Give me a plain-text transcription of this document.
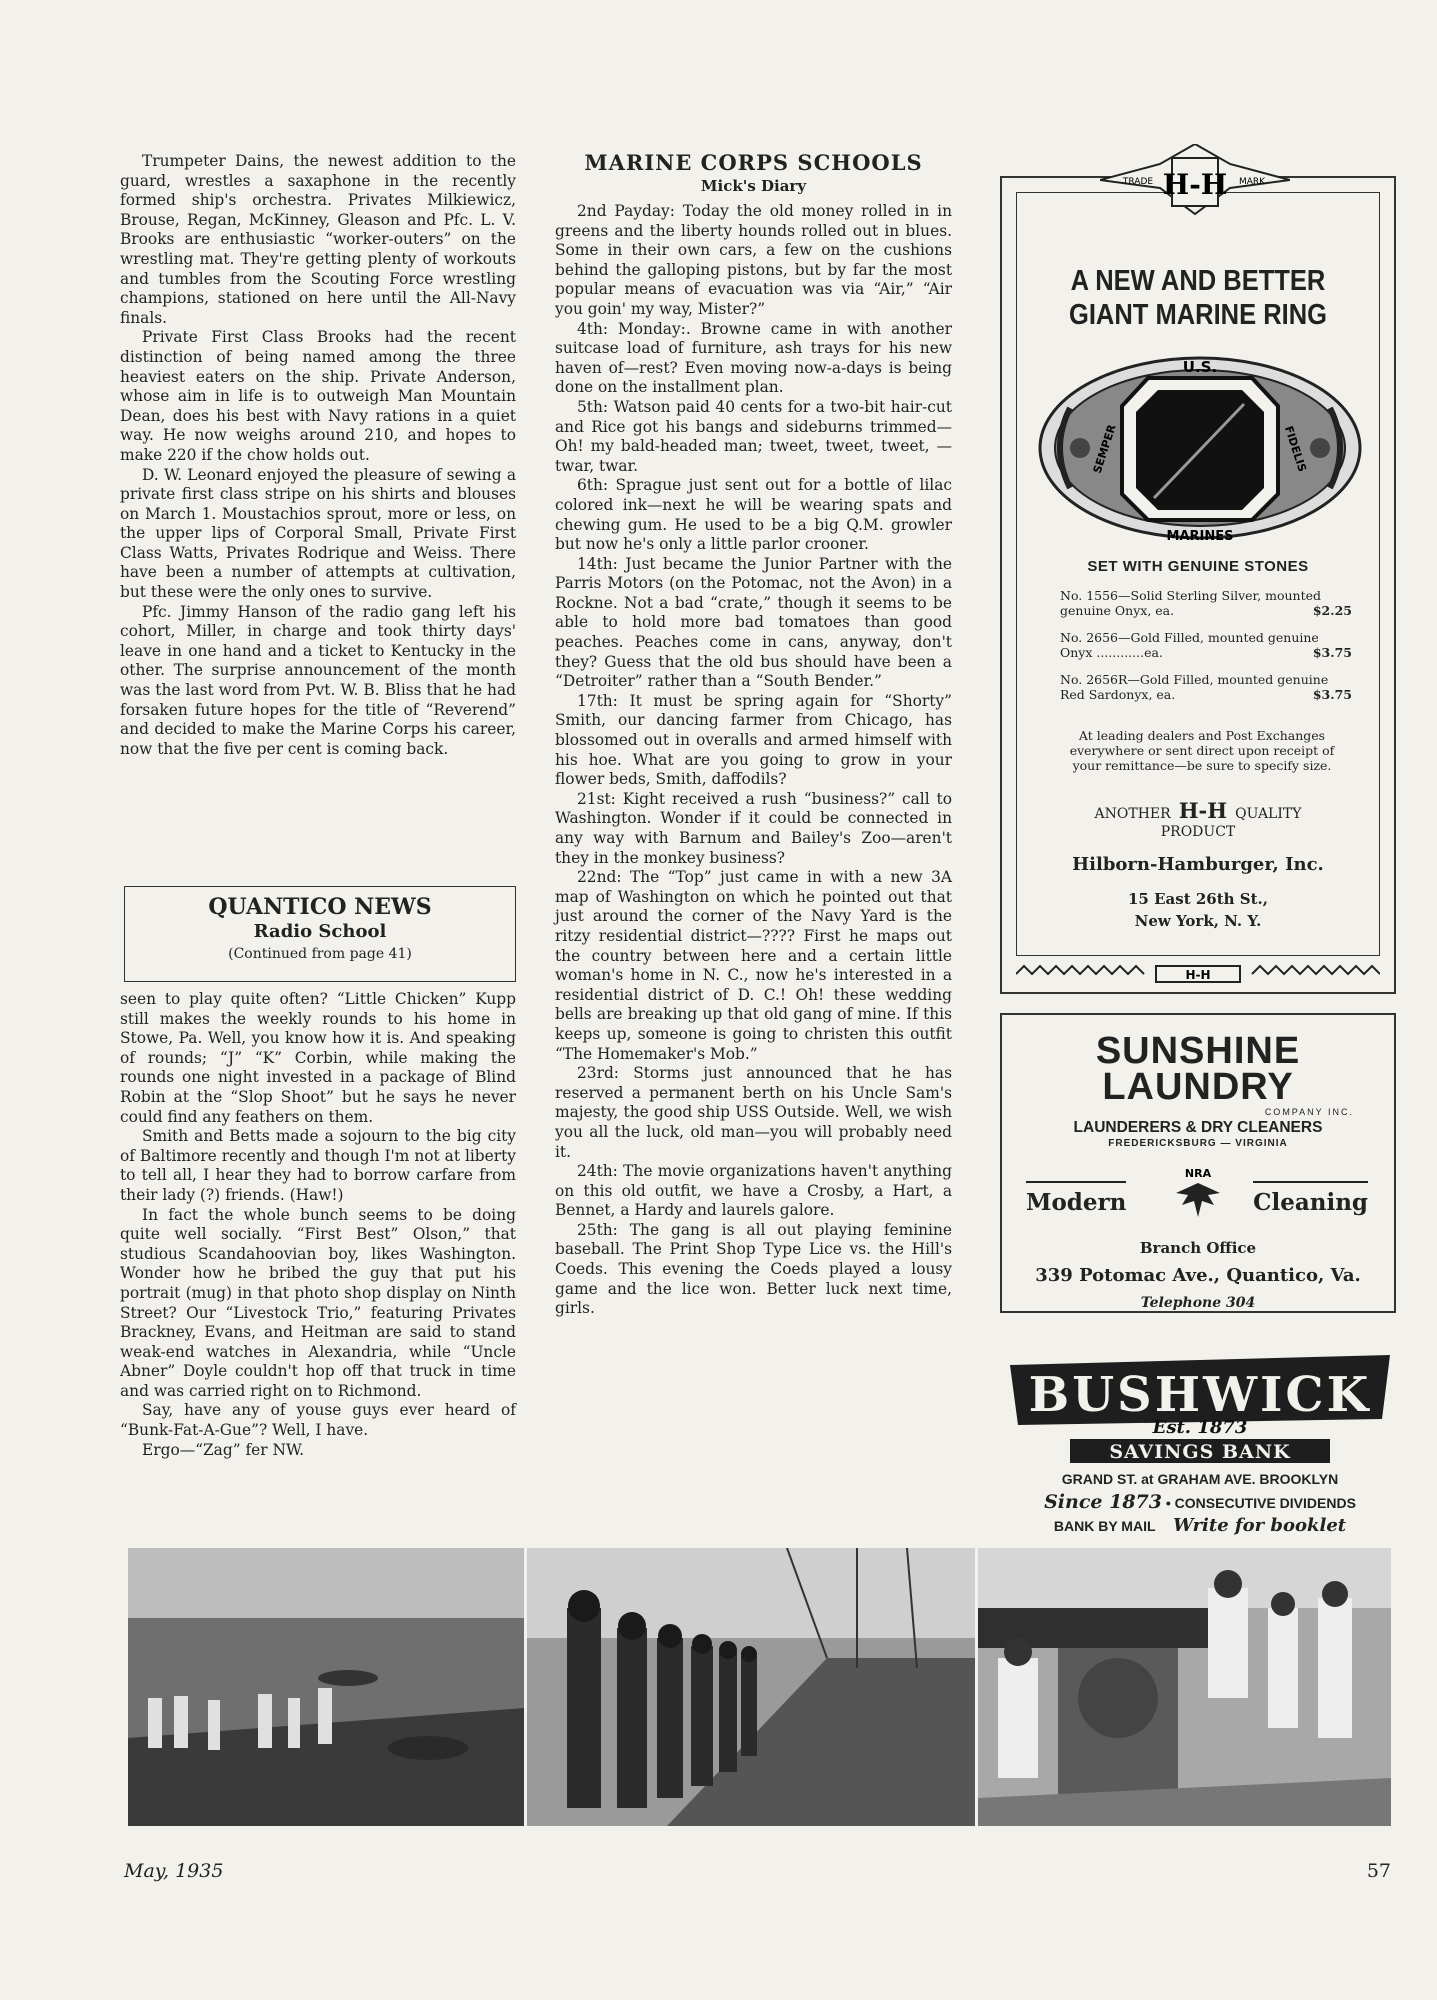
Trumpeter Dains, the newest addition to the guard, wrestles a saxaphone in the recently formed ship's orchestra. Privates Milkiewicz, Brouse, Regan, McKinney, Gleason and Pfc. L. V. Brooks are enthusiastic “worker-outers” on the wrestling mat. They're getting plenty of workouts and tumbles from the Scouting Force wrestling champions, stationed on here until the All-Navy finals.

Private First Class Brooks had the recent distinction of being named among the three heaviest eaters on the ship. Private Anderson, whose aim in life is to outweigh Man Mountain Dean, does his best with Navy rations in a quiet way. He now weighs around 210, and hopes to make 220 if the chow holds out.

D. W. Leonard enjoyed the pleasure of sewing a private first class stripe on his shirts and blouses on March 1. Moustachios sprout, more or less, on the upper lips of Corporal Small, Private First Class Watts, Privates Rodrique and Weiss. There have been a number of attempts at cultivation, but these were the only ones to survive.

Pfc. Jimmy Hanson of the radio gang left his cohort, Miller, in charge and took thirty days' leave in one hand and a ticket to Kentucky in the other. The surprise announcement of the month was the last word from Pvt. W. B. Bliss that he had forsaken future hopes for the title of “Reverend” and decided to make the Marine Corps his career, now that the five per cent is coming back.

QUANTICO NEWS
Radio School
(Continued from page 41)

seen to play quite often? “Little Chicken” Kupp still makes the weekly rounds to his home in Stowe, Pa. Well, you know how it is. And speaking of rounds; “J” “K” Corbin, while making the rounds one night invested in a package of Blind Robin at the “Slop Shoot” but he says he never could find any feathers on them.

Smith and Betts made a sojourn to the big city of Baltimore recently and though I'm not at liberty to tell all, I hear they had to borrow carfare from their lady (?) friends. (Haw!)

In fact the whole bunch seems to be doing quite well socially. “First Best” Olson,” that studious Scandahoovian boy, likes Washington. Wonder how he bribed the guy that put his portrait (mug) in that photo shop display on Ninth Street? Our “Livestock Trio,” featuring Privates Brackney, Evans, and Heitman are said to stand weak-end watches in Alexandria, while “Uncle Abner” Doyle couldn't hop off that truck in time and was carried right on to Richmond.

Say, have any of youse guys ever heard of “Bunk-Fat-A-Gue”? Well, I have.

Ergo—“Zag” fer NW.

MARINE CORPS SCHOOLS
Mick's Diary

2nd Payday: Today the old money rolled in in greens and the liberty hounds rolled out in blues. Some in their own cars, a few on the cushions behind the galloping pistons, but by far the most popular means of evacuation was via “Air,” “Air you goin' my way, Mister?”

4th: Monday:. Browne came in with another suitcase load of furniture, ash trays for his new haven of—rest? Even moving now-a-days is being done on the installment plan.

5th: Watson paid 40 cents for a two-bit hair-cut and Rice got his bangs and sideburns trimmed—Oh! my bald-headed man; tweet, tweet, tweet, — twar, twar.

6th: Sprague just sent out for a bottle of lilac colored ink—next he will be wearing spats and chewing gum. He used to be a big Q.M. growler but now he's only a little parlor crooner.

14th: Just became the Junior Partner with the Parris Motors (on the Potomac, not the Avon) in a Rockne. Not a bad “crate,” though it seems to be able to hold more bad tomatoes than good peaches. Peaches come in cans, anyway, don't they? Guess that the old bus should have been a “Detroiter” rather than a “South Bender.”

17th: It must be spring again for “Shorty” Smith, our dancing farmer from Chicago, has blossomed out in overalls and armed himself with his hoe. What are you going to grow in your flower beds, Smith, daffodils?

21st: Kight received a rush “business?” call to Washington. Wonder if it could be connected in any way with Barnum and Bailey's Zoo—aren't they in the monkey business?

22nd: The “Top” just came in with a new 3A map of Washington on which he pointed out that just around the corner of the Navy Yard is the ritzy residential district—???? First he maps out the country between here and a certain little woman's home in N. C., now he's interested in a residential district of D. C.! Oh! these wedding bells are breaking up that old gang of mine. If this keeps up, someone is going to christen this outfit “The Homemaker's Mob.”

23rd: Storms just announced that he has reserved a permanent berth on his Uncle Sam's majesty, the good ship USS Outside. Well, we wish you all the luck, old man—you will probably need it.

24th: The movie organizations haven't anything on this old outfit, we have a Crosby, a Hart, a Bennet, a Hardy and laurels galore.

25th: The gang is all out playing feminine baseball. The Print Shop Type Lice vs. the Hill's Coeds. This evening the Coeds played a lousy game and the lice won. Better luck next time, girls.

A NEW AND BETTER
GIANT MARINE RING
U.S.
MARINES
SEMPER	FIDELIS
SET WITH GENUINE STONES
No. 1556—Solid Sterling Silver, mounted genuine Onyx, ea.	$2.25
No. 2656—Gold Filled, mounted genuine Onyx ............ea.	$3.75
No. 2656R—Gold Filled, mounted genuine Red Sardonyx, ea.	$3.75
At leading dealers and Post Exchanges everywhere or sent direct upon receipt of your remittance—be sure to specify size.
ANOTHER H-H QUALITY
PRODUCT
Hilborn-Hamburger, Inc.
15 East 26th St.,
New York, N. Y.
H-H
H-H
TRADE	MARK
SUNSHINE
LAUNDRY
COMPANY INC.
LAUNDERERS & DRY CLEANERS
FREDERICKSBURG — VIRGINIA
Modern
NRA
Cleaning
Branch Office
339 Potomac Ave., Quantico, Va.
Telephone 304
BUSHWICK
Est. 1873
SAVINGS BANK
GRAND ST. at GRAHAM AVE. BROOKLYN
Since 1873 • CONSECUTIVE DIVIDENDS
BANK BY MAIL Write for booklet
May, 1935	57
